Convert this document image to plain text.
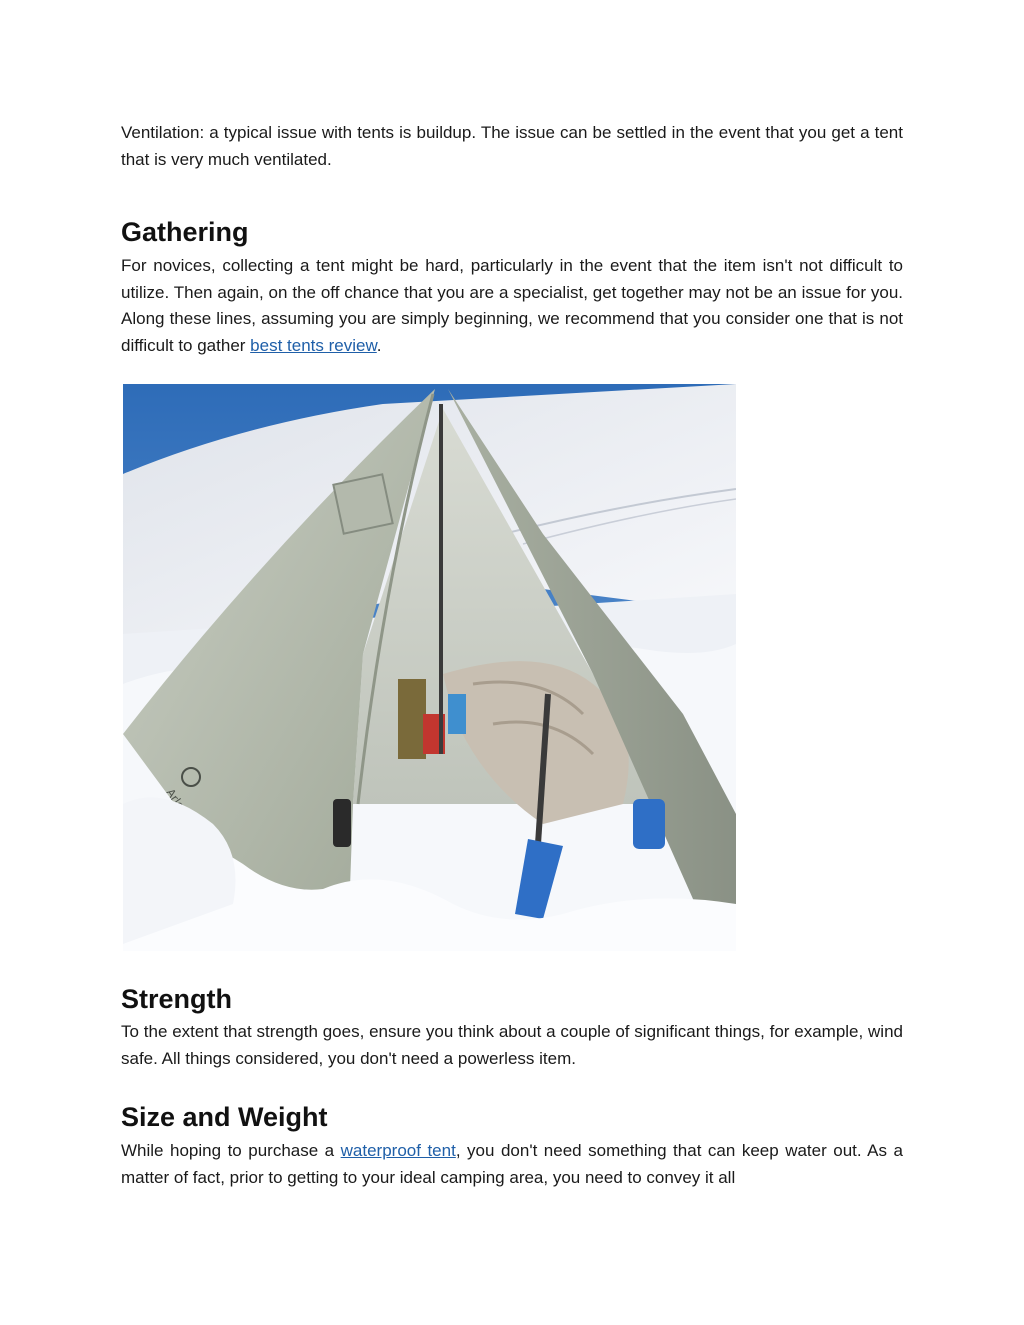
Ventilation: a typical issue with tents is buildup. The issue can be settled in the event that you get a tent that is very much ventilated.

Gathering

For novices, collecting a tent might be hard, particularly in the event that the item isn't not difficult to utilize. Then again, on the off chance that you are a specialist, get together may not be an issue for you. Along these lines, assuming you are simply beginning, we recommend that you consider one that is not difficult to gather best tents review.

Strength

To the extent that strength goes, ensure you think about a couple of significant things, for example, wind safe. All things considered, you don't need a powerless item.

Size and Weight

While hoping to purchase a waterproof tent, you don't need something that can keep water out. As a matter of fact, prior to getting to your ideal camping area, you need to convey it all
